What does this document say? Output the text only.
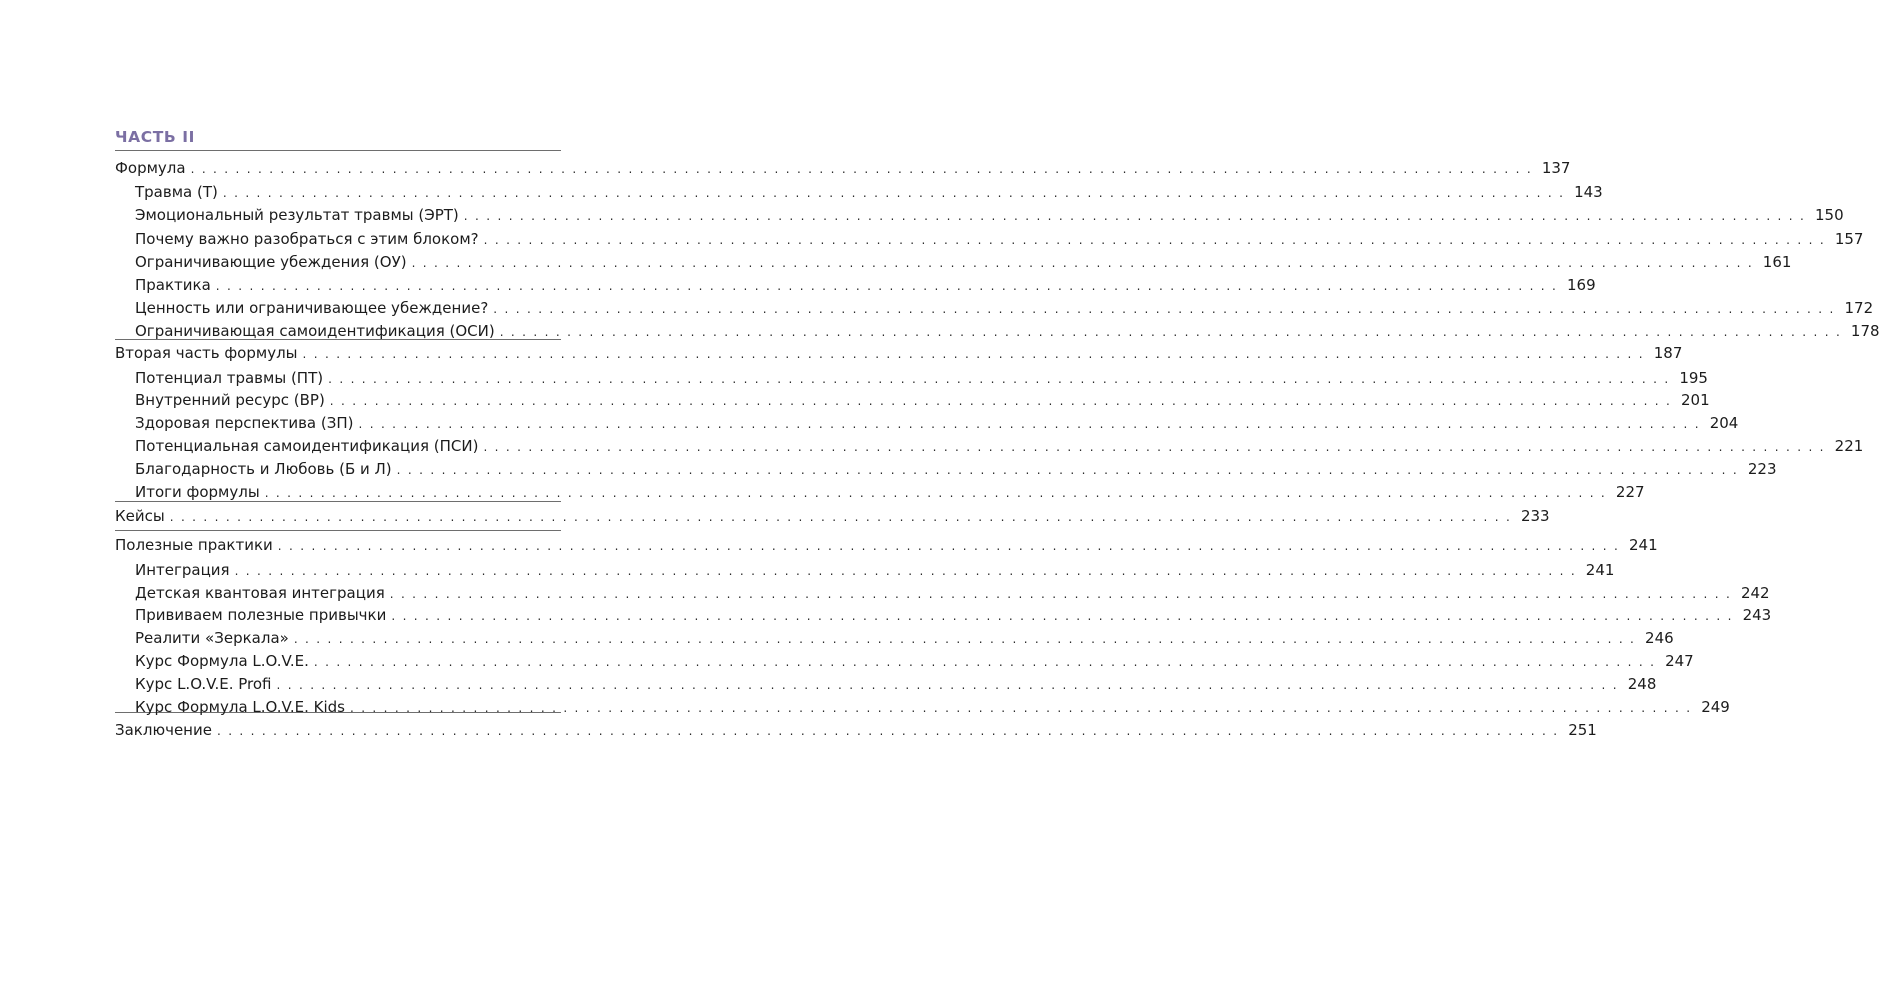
ЧАСТЬ II
Формула . . . . . . . . . . . . . . . . . . . . . . . . . . . . . . . . . . . . . . . . . . . . . . . . . . . . . . . . . . . . . . . . . . . . . . . . . . . . . . . . . . . . . . . . . . . . . . . . . . . . . . . . . . . . . . . . . . . . . . . . 137
Травма (Т) . . . . . . . . . . . . . . . . . . . . . . . . . . . . . . . . . . . . . . . . . . . . . . . . . . . . . . . . . . . . . . . . . . . . . . . . . . . . . . . . . . . . . . . . . . . . . . . . . . . . . . . . . . . . . . . . . . . . . . . . 143
Эмоциональный результат травмы (ЭРТ) . . . . . . . . . . . . . . . . . . . . . . . . . . . . . . . . . . . . . . . . . . . . . . . . . . . . . . . . . . . . . . . . . . . . . . . . . . . . . . . . . . . . . . . . . . . . . . . . . . . . . . . . . . . . . . . . . . . . . . . . 150
Почему важно разобраться с этим блоком? . . . . . . . . . . . . . . . . . . . . . . . . . . . . . . . . . . . . . . . . . . . . . . . . . . . . . . . . . . . . . . . . . . . . . . . . . . . . . . . . . . . . . . . . . . . . . . . . . . . . . . . . . . . . . . . . . . . . . . . . 157
Ограничивающие убеждения (ОУ) . . . . . . . . . . . . . . . . . . . . . . . . . . . . . . . . . . . . . . . . . . . . . . . . . . . . . . . . . . . . . . . . . . . . . . . . . . . . . . . . . . . . . . . . . . . . . . . . . . . . . . . . . . . . . . . . . . . . . . . . 161
Практика . . . . . . . . . . . . . . . . . . . . . . . . . . . . . . . . . . . . . . . . . . . . . . . . . . . . . . . . . . . . . . . . . . . . . . . . . . . . . . . . . . . . . . . . . . . . . . . . . . . . . . . . . . . . . . . . . . . . . . . . 169
Ценность или ограничивающее убеждение? . . . . . . . . . . . . . . . . . . . . . . . . . . . . . . . . . . . . . . . . . . . . . . . . . . . . . . . . . . . . . . . . . . . . . . . . . . . . . . . . . . . . . . . . . . . . . . . . . . . . . . . . . . . . . . . . . . . . . . . . 172
Ограничивающая самоидентификация (ОСИ) . . . . . . . . . . . . . . . . . . . . . . . . . . . . . . . . . . . . . . . . . . . . . . . . . . . . . . . . . . . . . . . . . . . . . . . . . . . . . . . . . . . . . . . . . . . . . . . . . . . . . . . . . . . . . . . . . . . . . . . . 178
Вторая часть формулы . . . . . . . . . . . . . . . . . . . . . . . . . . . . . . . . . . . . . . . . . . . . . . . . . . . . . . . . . . . . . . . . . . . . . . . . . . . . . . . . . . . . . . . . . . . . . . . . . . . . . . . . . . . . . . . . . . . . . . . . 187
Потенциал травмы (ПТ) . . . . . . . . . . . . . . . . . . . . . . . . . . . . . . . . . . . . . . . . . . . . . . . . . . . . . . . . . . . . . . . . . . . . . . . . . . . . . . . . . . . . . . . . . . . . . . . . . . . . . . . . . . . . . . . . . . . . . . . . 195
Внутренний ресурс (ВР) . . . . . . . . . . . . . . . . . . . . . . . . . . . . . . . . . . . . . . . . . . . . . . . . . . . . . . . . . . . . . . . . . . . . . . . . . . . . . . . . . . . . . . . . . . . . . . . . . . . . . . . . . . . . . . . . . . . . . . . . 201
Здоровая перспектива (ЗП) . . . . . . . . . . . . . . . . . . . . . . . . . . . . . . . . . . . . . . . . . . . . . . . . . . . . . . . . . . . . . . . . . . . . . . . . . . . . . . . . . . . . . . . . . . . . . . . . . . . . . . . . . . . . . . . . . . . . . . . . 204
Потенциальная самоидентификация (ПСИ) . . . . . . . . . . . . . . . . . . . . . . . . . . . . . . . . . . . . . . . . . . . . . . . . . . . . . . . . . . . . . . . . . . . . . . . . . . . . . . . . . . . . . . . . . . . . . . . . . . . . . . . . . . . . . . . . . . . . . . . . 221
Благодарность и Любовь (Б и Л) . . . . . . . . . . . . . . . . . . . . . . . . . . . . . . . . . . . . . . . . . . . . . . . . . . . . . . . . . . . . . . . . . . . . . . . . . . . . . . . . . . . . . . . . . . . . . . . . . . . . . . . . . . . . . . . . . . . . . . . . 223
Итоги формулы . . . . . . . . . . . . . . . . . . . . . . . . . . . . . . . . . . . . . . . . . . . . . . . . . . . . . . . . . . . . . . . . . . . . . . . . . . . . . . . . . . . . . . . . . . . . . . . . . . . . . . . . . . . . . . . . . . . . . . . . 227
Кейсы . . . . . . . . . . . . . . . . . . . . . . . . . . . . . . . . . . . . . . . . . . . . . . . . . . . . . . . . . . . . . . . . . . . . . . . . . . . . . . . . . . . . . . . . . . . . . . . . . . . . . . . . . . . . . . . . . . . . . . . . 233
Полезные практики . . . . . . . . . . . . . . . . . . . . . . . . . . . . . . . . . . . . . . . . . . . . . . . . . . . . . . . . . . . . . . . . . . . . . . . . . . . . . . . . . . . . . . . . . . . . . . . . . . . . . . . . . . . . . . . . . . . . . . . . 241
Интеграция . . . . . . . . . . . . . . . . . . . . . . . . . . . . . . . . . . . . . . . . . . . . . . . . . . . . . . . . . . . . . . . . . . . . . . . . . . . . . . . . . . . . . . . . . . . . . . . . . . . . . . . . . . . . . . . . . . . . . . . . 241
Детская квантовая интеграция . . . . . . . . . . . . . . . . . . . . . . . . . . . . . . . . . . . . . . . . . . . . . . . . . . . . . . . . . . . . . . . . . . . . . . . . . . . . . . . . . . . . . . . . . . . . . . . . . . . . . . . . . . . . . . . . . . . . . . . . 242
Прививаем полезные привычки . . . . . . . . . . . . . . . . . . . . . . . . . . . . . . . . . . . . . . . . . . . . . . . . . . . . . . . . . . . . . . . . . . . . . . . . . . . . . . . . . . . . . . . . . . . . . . . . . . . . . . . . . . . . . . . . . . . . . . . . 243
Реалити «Зеркала» . . . . . . . . . . . . . . . . . . . . . . . . . . . . . . . . . . . . . . . . . . . . . . . . . . . . . . . . . . . . . . . . . . . . . . . . . . . . . . . . . . . . . . . . . . . . . . . . . . . . . . . . . . . . . . . . . . . . . . . . 246
Курс Формула L.O.V.E. . . . . . . . . . . . . . . . . . . . . . . . . . . . . . . . . . . . . . . . . . . . . . . . . . . . . . . . . . . . . . . . . . . . . . . . . . . . . . . . . . . . . . . . . . . . . . . . . . . . . . . . . . . . . . . . . . . . . . . . . 247
Курс L.O.V.E. Profi . . . . . . . . . . . . . . . . . . . . . . . . . . . . . . . . . . . . . . . . . . . . . . . . . . . . . . . . . . . . . . . . . . . . . . . . . . . . . . . . . . . . . . . . . . . . . . . . . . . . . . . . . . . . . . . . . . . . . . . . 248
Курс Формула L.O.V.E. Kids . . . . . . . . . . . . . . . . . . . . . . . . . . . . . . . . . . . . . . . . . . . . . . . . . . . . . . . . . . . . . . . . . . . . . . . . . . . . . . . . . . . . . . . . . . . . . . . . . . . . . . . . . . . . . . . . . . . . . . . . 249
Заключение . . . . . . . . . . . . . . . . . . . . . . . . . . . . . . . . . . . . . . . . . . . . . . . . . . . . . . . . . . . . . . . . . . . . . . . . . . . . . . . . . . . . . . . . . . . . . . . . . . . . . . . . . . . . . . . . . . . . . . . . 251
